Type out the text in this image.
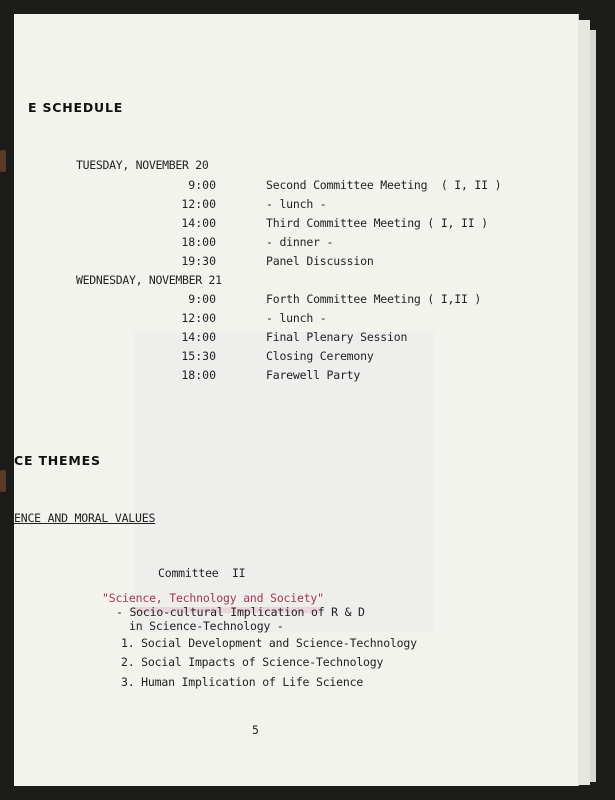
E SCHEDULE
TUESDAY, NOVEMBER 20
9:00	Second Committee Meeting  ( I, II )
12:00	- lunch -
14:00	Third Committee Meeting ( I, II )
18:00	- dinner -
19:30	Panel Discussion
WEDNESDAY, NOVEMBER 21
9:00	Forth Committee Meeting ( I,II )
12:00	- lunch -
14:00	Final Plenary Session
15:30	Closing Ceremony
18:00	Farewell Party
CE THEMES
ENCE AND MORAL VALUES
Committee  II
"Science, Technology and Society"
- Socio-cultural Implication of R & D
in Science-Technology -
1. Social Development and Science-Technology
2. Social Impacts of Science-Technology
3. Human Implication of Life Science
5
